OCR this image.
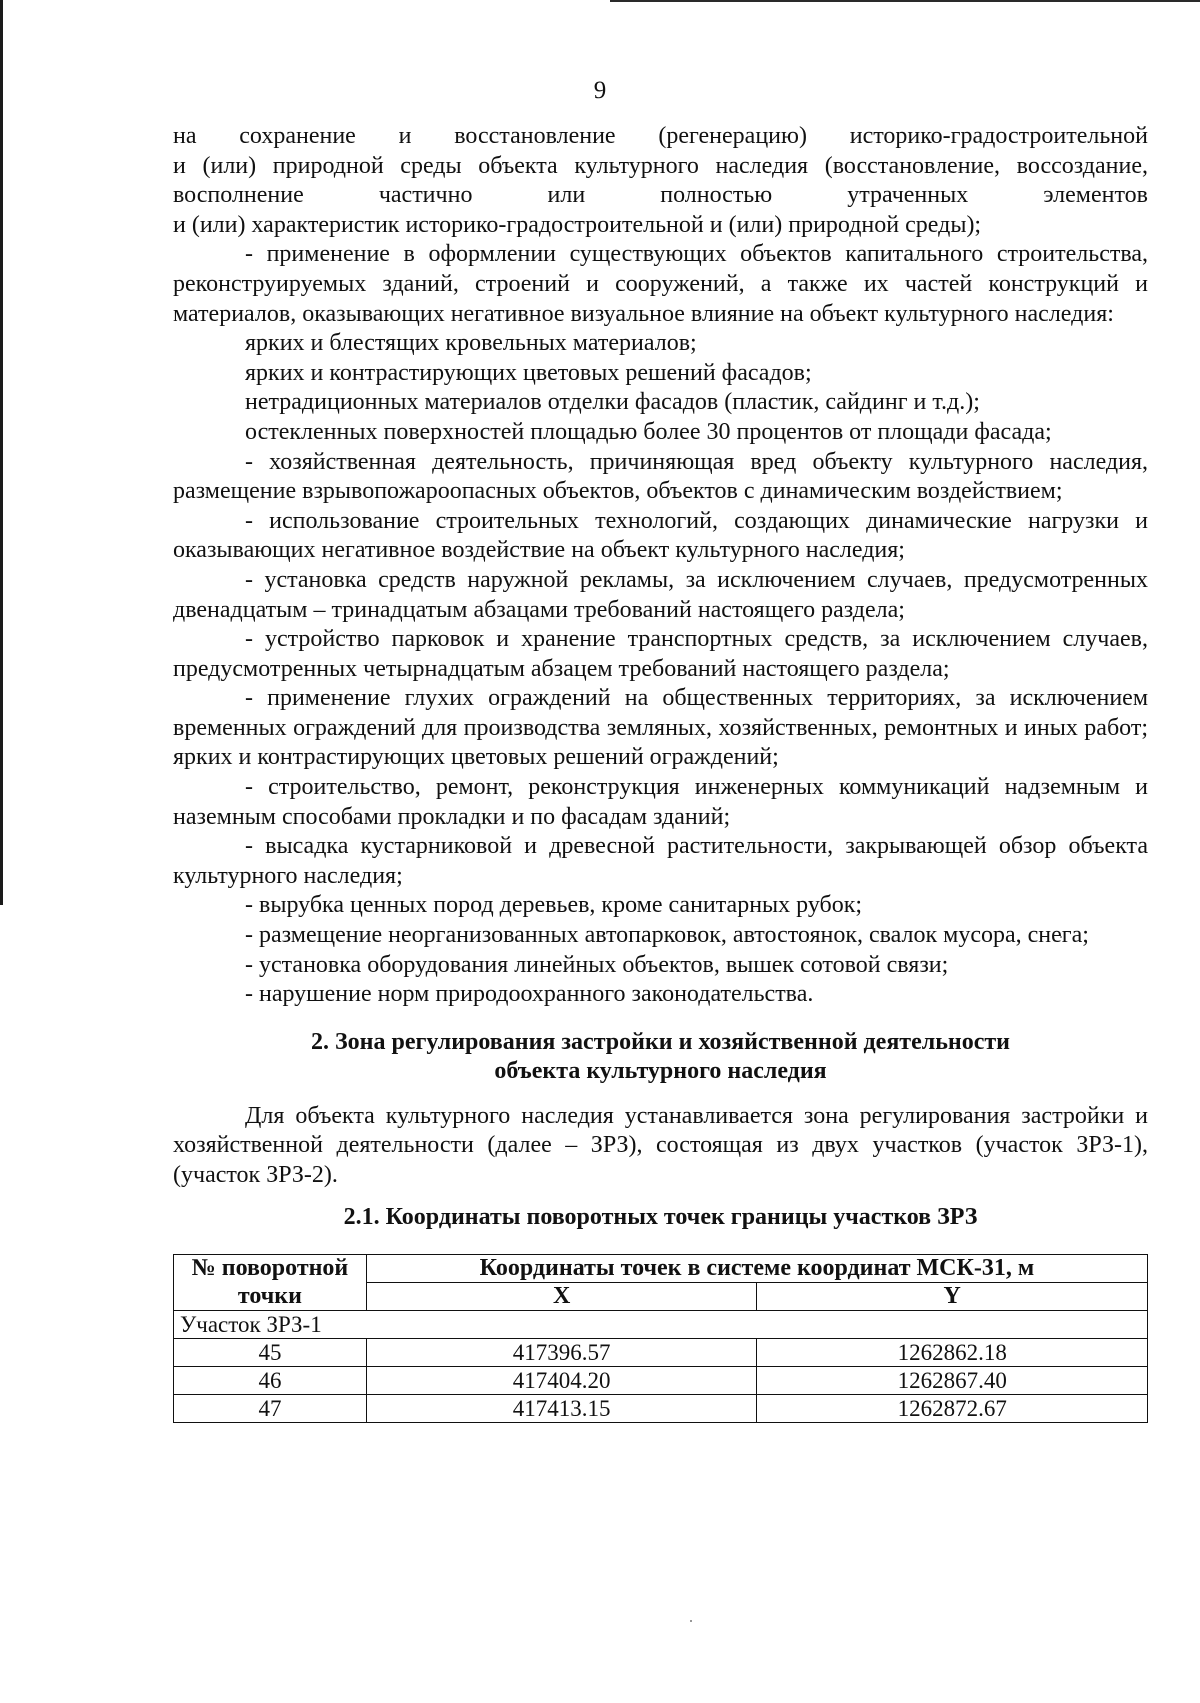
9

на сохранение и восстановление (регенерацию) историко-градостроительной

и (или) природной среды объекта культурного наследия (восстановление, воссоздание,

восполнение частично или полностью утраченных элементов

и (или) характеристик историко-градостроительной и (или) природной среды);

- применение в оформлении существующих объектов капитального строительства, реконструируемых зданий, строений и сооружений, а также их частей конструкций и материалов, оказывающих негативное визуальное влияние на объект культурного наследия:

ярких и блестящих кровельных материалов;

ярких и контрастирующих цветовых решений фасадов;

нетрадиционных материалов отделки фасадов (пластик, сайдинг и т.д.);

остекленных поверхностей площадью более 30 процентов от площади фасада;

- хозяйственная деятельность, причиняющая вред объекту культурного наследия, размещение взрывопожароопасных объектов, объектов с динамическим воздействием;

- использование строительных технологий, создающих динамические нагрузки и оказывающих негативное воздействие на объект культурного наследия;

- установка средств наружной рекламы, за исключением случаев, предусмотренных двенадцатым – тринадцатым абзацами требований настоящего раздела;

- устройство парковок и хранение транспортных средств, за исключением случаев, предусмотренных четырнадцатым абзацем требований настоящего раздела;

- применение глухих ограждений на общественных территориях, за исключением временных ограждений для производства земляных, хозяйственных, ремонтных и иных работ; ярких и контрастирующих цветовых решений ограждений;

- строительство, ремонт, реконструкция инженерных коммуникаций надземным и наземным способами прокладки и по фасадам зданий;

- высадка кустарниковой и древесной растительности, закрывающей обзор объекта культурного наследия;

- вырубка ценных пород деревьев, кроме санитарных рубок;

- размещение неорганизованных автопарковок, автостоянок, свалок мусора, снега;

- установка оборудования линейных объектов, вышек сотовой связи;

- нарушение норм природоохранного законодательства.

2. Зона регулирования застройки и хозяйственной деятельности
объекта культурного наследия

Для объекта культурного наследия устанавливается зона регулирования застройки и хозяйственной деятельности (далее – ЗРЗ), состоящая из двух участков (участок ЗРЗ-1), (участок ЗРЗ-2).

2.1. Координаты поворотных точек границы участков ЗРЗ

№ поворотной	Координаты точек в системе координат МСК-31, м	
точки	X	Y
Участок ЗРЗ-1		
45	417396.57	1262862.18
46	417404.20	1262867.40
47	417413.15	1262872.67
